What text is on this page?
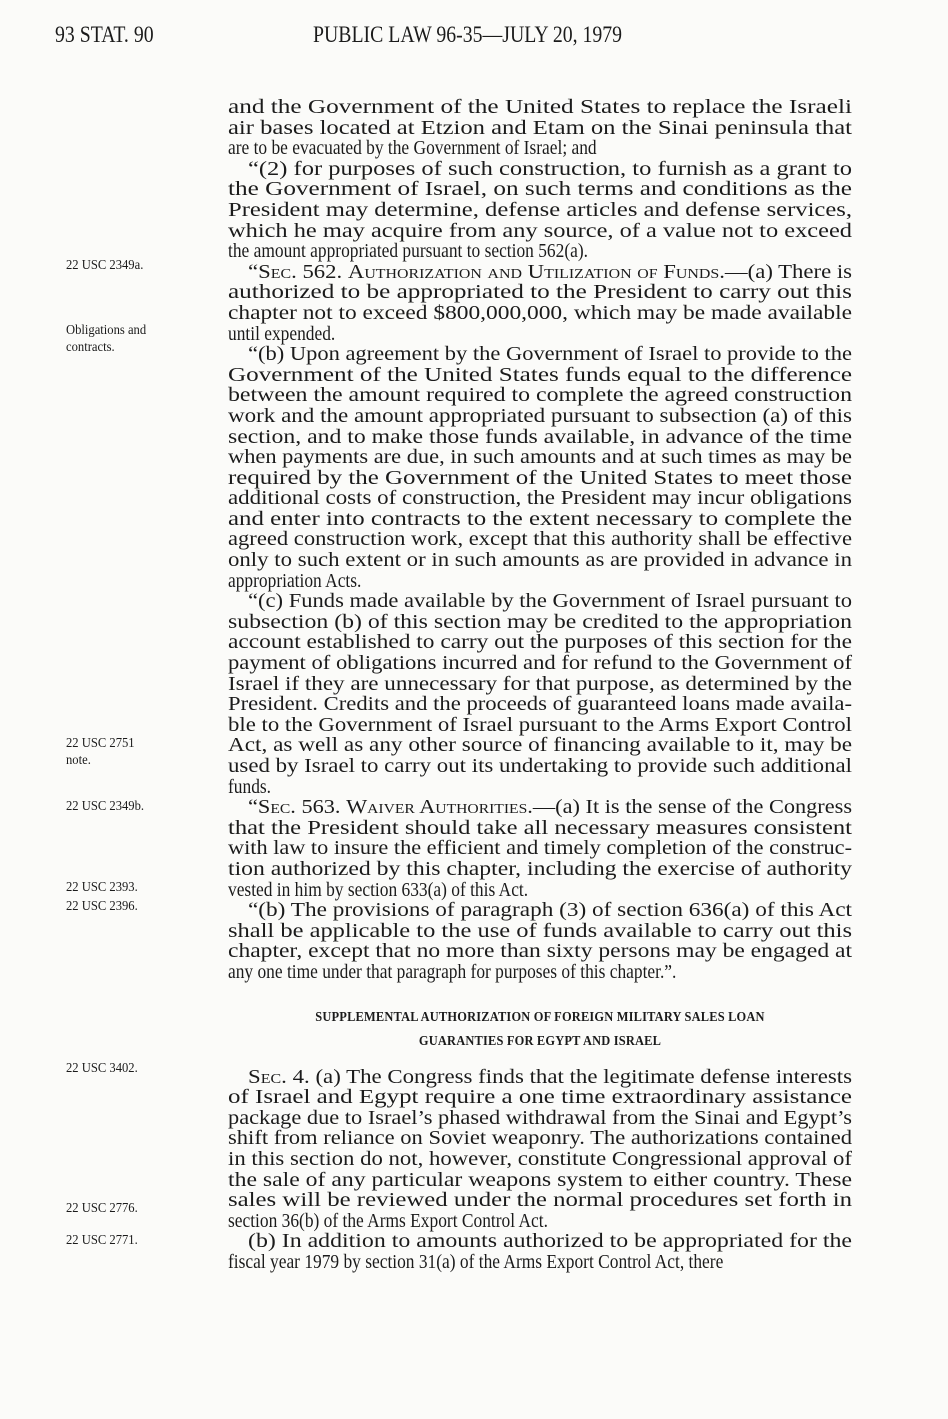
93 STAT. 90	PUBLIC LAW 96-35—JULY 20, 1979
22 USC 2349a.
Obligations and
contracts.
22 USC 2751
note.
22 USC 2349b.
22 USC 2393.
22 USC 2396.
22 USC 3402.
22 USC 2776.
22 USC 2771.
and the Government of the United States to replace the Israeli
air bases located at Etzion and Etam on the Sinai peninsula that
are to be evacuated by the Government of Israel; and
“(2) for purposes of such construction, to furnish as a grant to
the Government of Israel, on such terms and conditions as the
President may determine, defense articles and defense services,
which he may acquire from any source, of a value not to exceed
the amount appropriated pursuant to section 562(a).
“Sec. 562. Authorization and Utilization of Funds.—(a) There is
authorized to be appropriated to the President to carry out this
chapter not to exceed $800,000,000, which may be made available
until expended.
“(b) Upon agreement by the Government of Israel to provide to the
Government of the United States funds equal to the difference
between the amount required to complete the agreed construction
work and the amount appropriated pursuant to subsection (a) of this
section, and to make those funds available, in advance of the time
when payments are due, in such amounts and at such times as may be
required by the Government of the United States to meet those
additional costs of construction, the President may incur obligations
and enter into contracts to the extent necessary to complete the
agreed construction work, except that this authority shall be effective
only to such extent or in such amounts as are provided in advance in
appropriation Acts.
“(c) Funds made available by the Government of Israel pursuant to
subsection (b) of this section may be credited to the appropriation
account established to carry out the purposes of this section for the
payment of obligations incurred and for refund to the Government of
Israel if they are unnecessary for that purpose, as determined by the
President. Credits and the proceeds of guaranteed loans made availa-
ble to the Government of Israel pursuant to the Arms Export Control
Act, as well as any other source of financing available to it, may be
used by Israel to carry out its undertaking to provide such additional
funds.
“Sec. 563. Waiver Authorities.—(a) It is the sense of the Congress
that the President should take all necessary measures consistent
with law to insure the efficient and timely completion of the construc-
tion authorized by this chapter, including the exercise of authority
vested in him by section 633(a) of this Act.
“(b) The provisions of paragraph (3) of section 636(a) of this Act
shall be applicable to the use of funds available to carry out this
chapter, except that no more than sixty persons may be engaged at
any one time under that paragraph for purposes of this chapter.”.
SUPPLEMENTAL AUTHORIZATION OF FOREIGN MILITARY SALES LOAN
GUARANTIES FOR EGYPT AND ISRAEL
Sec. 4. (a) The Congress finds that the legitimate defense interests
of Israel and Egypt require a one time extraordinary assistance
package due to Israel’s phased withdrawal from the Sinai and Egypt’s
shift from reliance on Soviet weaponry. The authorizations contained
in this section do not, however, constitute Congressional approval of
the sale of any particular weapons system to either country. These
sales will be reviewed under the normal procedures set forth in
section 36(b) of the Arms Export Control Act.
(b) In addition to amounts authorized to be appropriated for the
fiscal year 1979 by section 31(a) of the Arms Export Control Act, there
